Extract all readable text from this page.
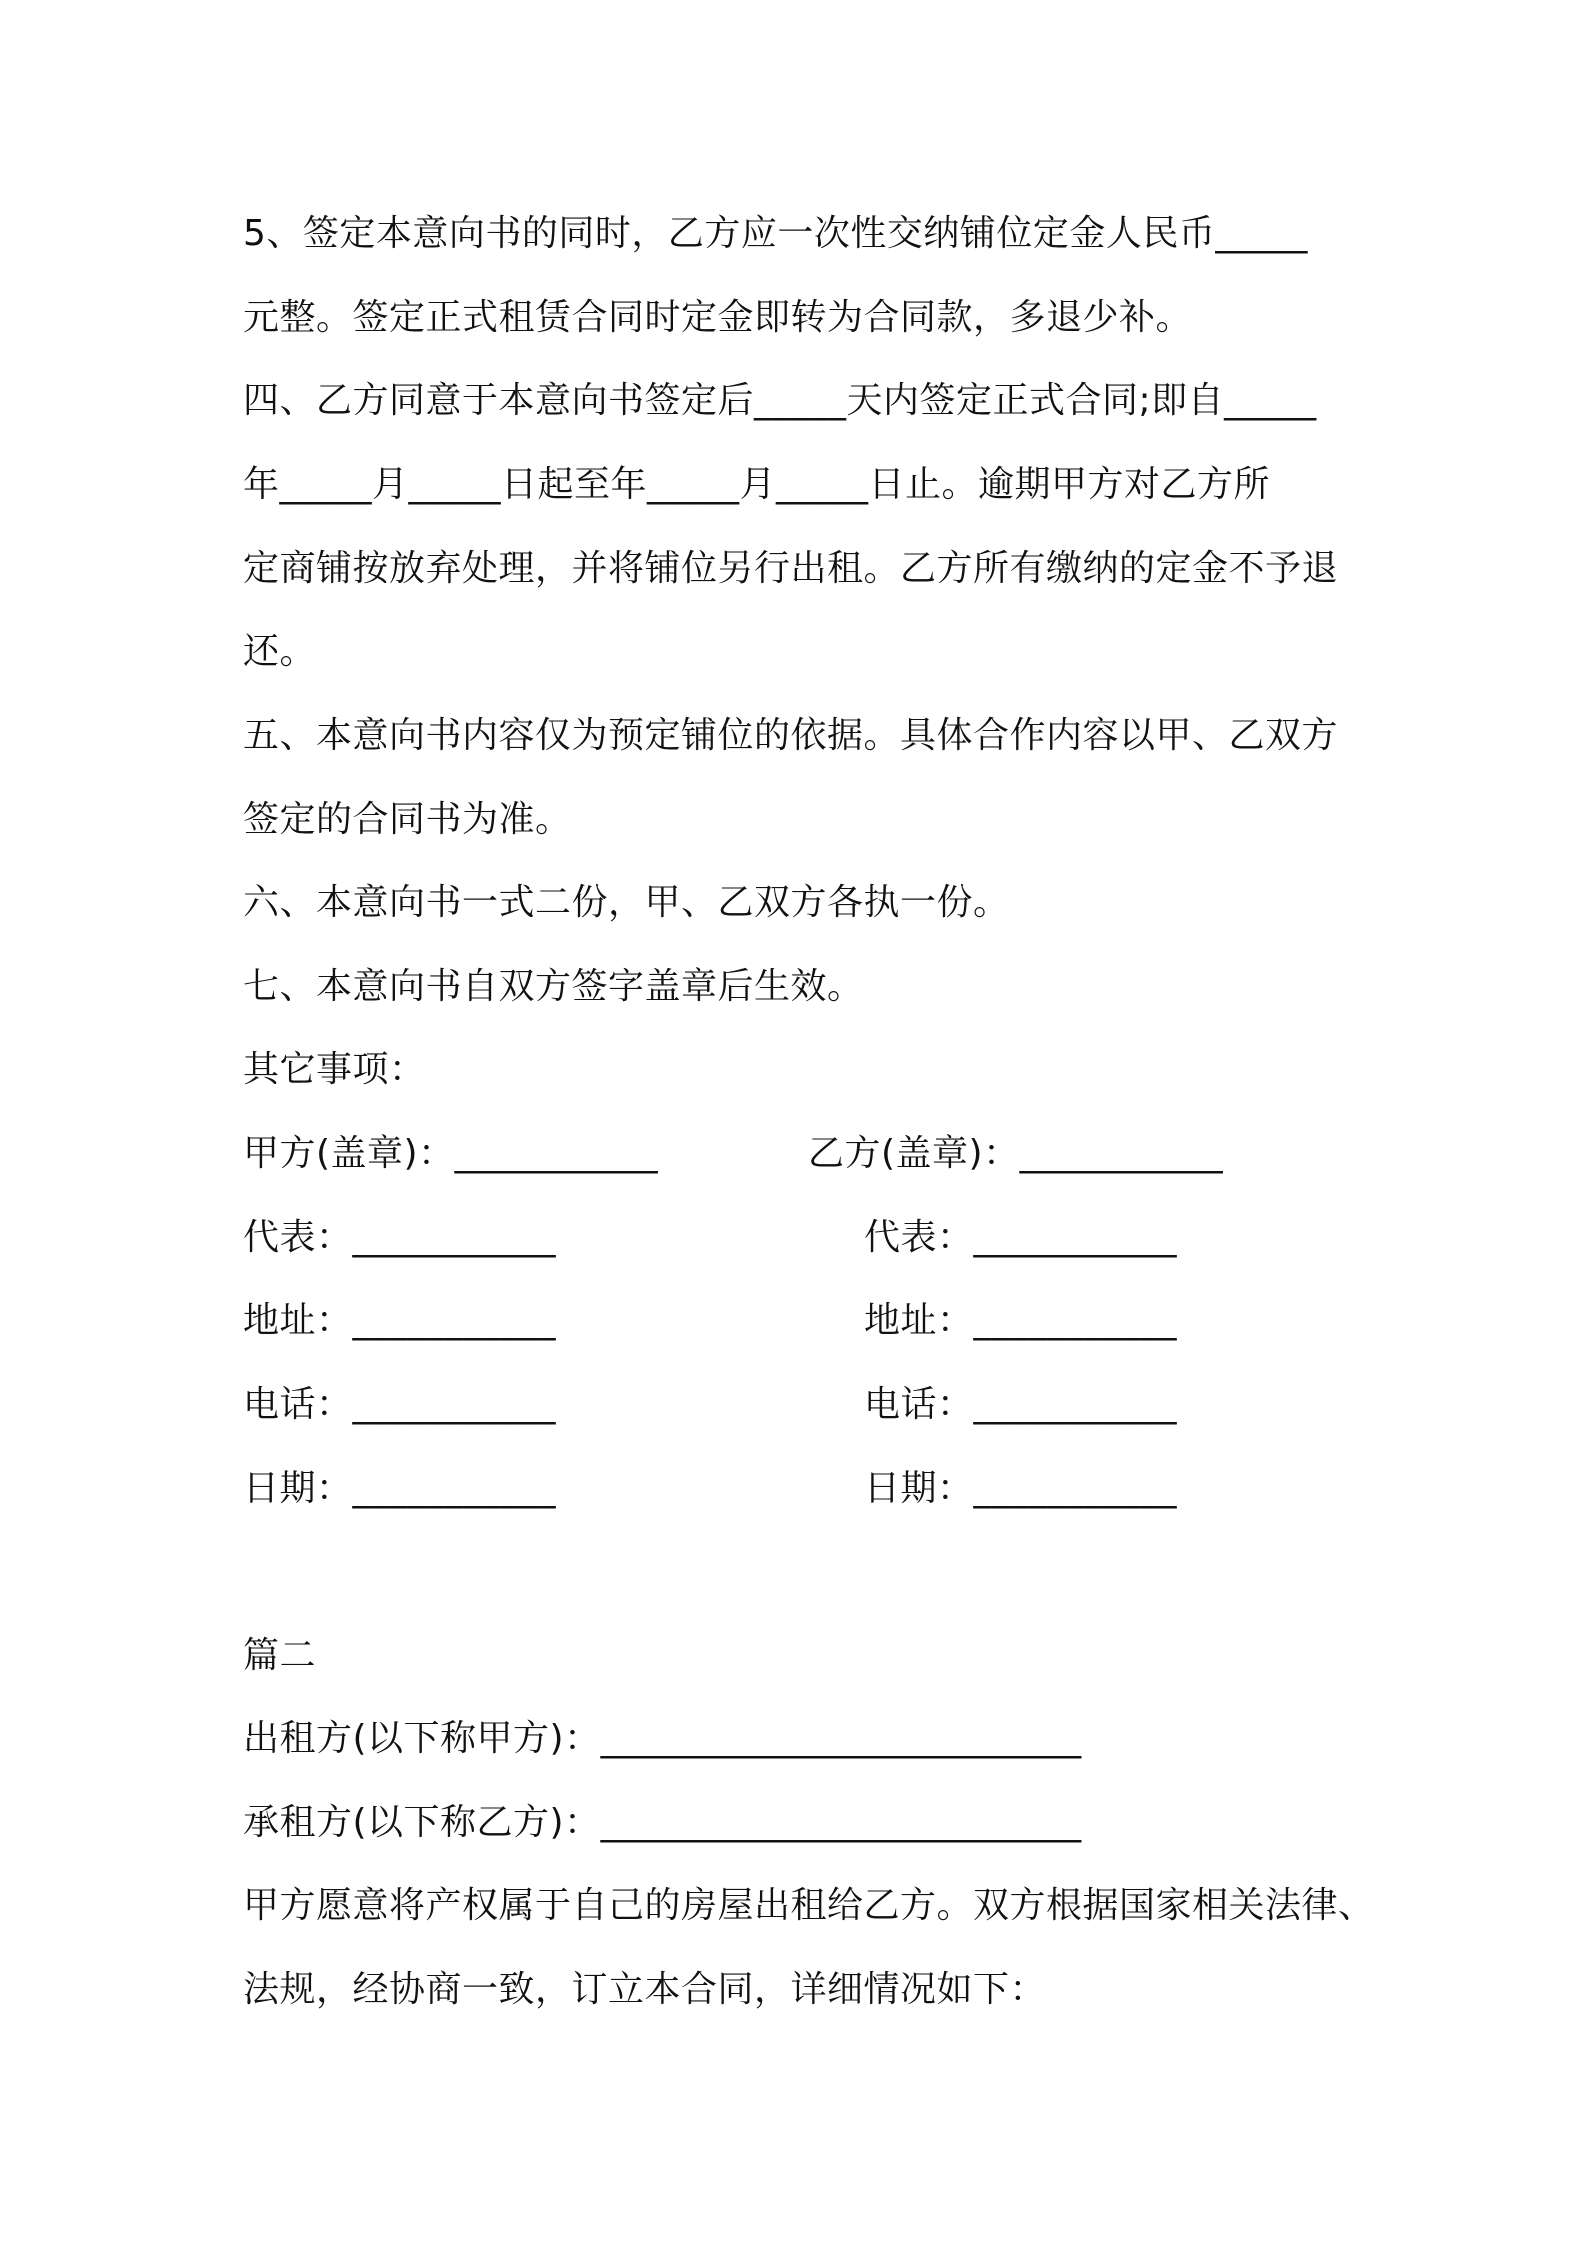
5、签定本意向书的同时，乙方应一次性交纳铺位定金人民币_____
元整。签定正式租赁合同时定金即转为合同款，多退少补。
四、乙方同意于本意向书签定后_____天内签定正式合同;即自_____
年_____月_____日起至年_____月_____日止。逾期甲方对乙方所
定商铺按放弃处理，并将铺位另行出租。乙方所有缴纳的定金不予退
还。
五、本意向书内容仅为预定铺位的依据。具体合作内容以甲、乙双方
签定的合同书为准。
六、本意向书一式二份，甲、乙双方各执一份。
七、本意向书自双方签字盖章后生效。
其它事项：
甲方(盖章)：___________	乙方(盖章)：___________
代表：___________	代表：___________
地址：___________	地址：___________
电话：___________	电话：___________
日期：___________	日期：___________
篇二
出租方(以下称甲方)：__________________________
承租方(以下称乙方)：__________________________
甲方愿意将产权属于自己的房屋出租给乙方。双方根据国家相关法律、
法规，经协商一致，订立本合同，详细情况如下：
